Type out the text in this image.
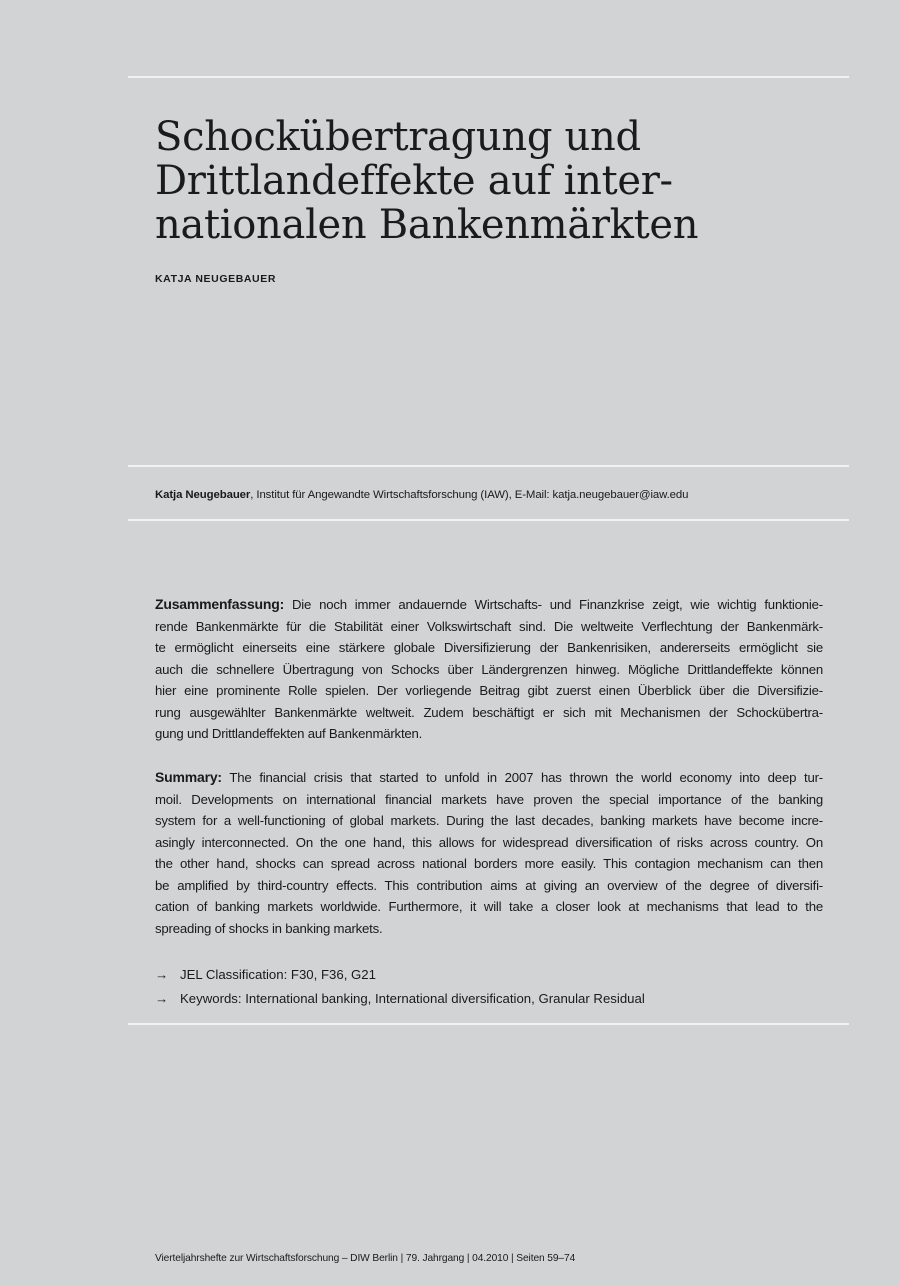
Schockübertragung und
Drittlandeffekte auf inter-
nationalen Bankenmärkten
KATJA NEUGEBAUER
Katja Neugebauer, Institut für Angewandte Wirtschaftsforschung (IAW), E-Mail: katja.neugebauer@iaw.edu
Zusammenfassung: Die noch immer andauernde Wirtschafts- und Finanzkrise zeigt, wie wichtig funktionie-
rende Bankenmärkte für die Stabilität einer Volkswirtschaft sind. Die weltweite Verflechtung der Bankenmärk-
te ermöglicht einerseits eine stärkere globale Diversifizierung der Bankenrisiken, andererseits ermöglicht sie
auch die schnellere Übertragung von Schocks über Ländergrenzen hinweg. Mögliche Drittlandeffekte können
hier eine prominente Rolle spielen. Der vorliegende Beitrag gibt zuerst einen Überblick über die Diversifizie-
rung ausgewählter Bankenmärkte weltweit. Zudem beschäftigt er sich mit Mechanismen der Schockübertra-
gung und Drittlandeffekten auf Bankenmärkten.
Summary: The financial crisis that started to unfold in 2007 has thrown the world economy into deep tur-
moil. Developments on international financial markets have proven the special importance of the banking
system for a well-functioning of global markets. During the last decades, banking markets have become incre-
asingly interconnected. On the one hand, this allows for widespread diversification of risks across country. On
the other hand, shocks can spread across national borders more easily. This contagion mechanism can then
be amplified by third-country effects. This contribution aims at giving an overview of the degree of diversifi-
cation of banking markets worldwide. Furthermore, it will take a closer look at mechanisms that lead to the
spreading of shocks in banking markets.
→ JEL Classification: F30, F36, G21
→ Keywords: International banking, International diversification, Granular Residual
Vierteljahrshefte zur Wirtschaftsforschung – DIW Berlin | 79. Jahrgang | 04.2010 | Seiten 59–74
